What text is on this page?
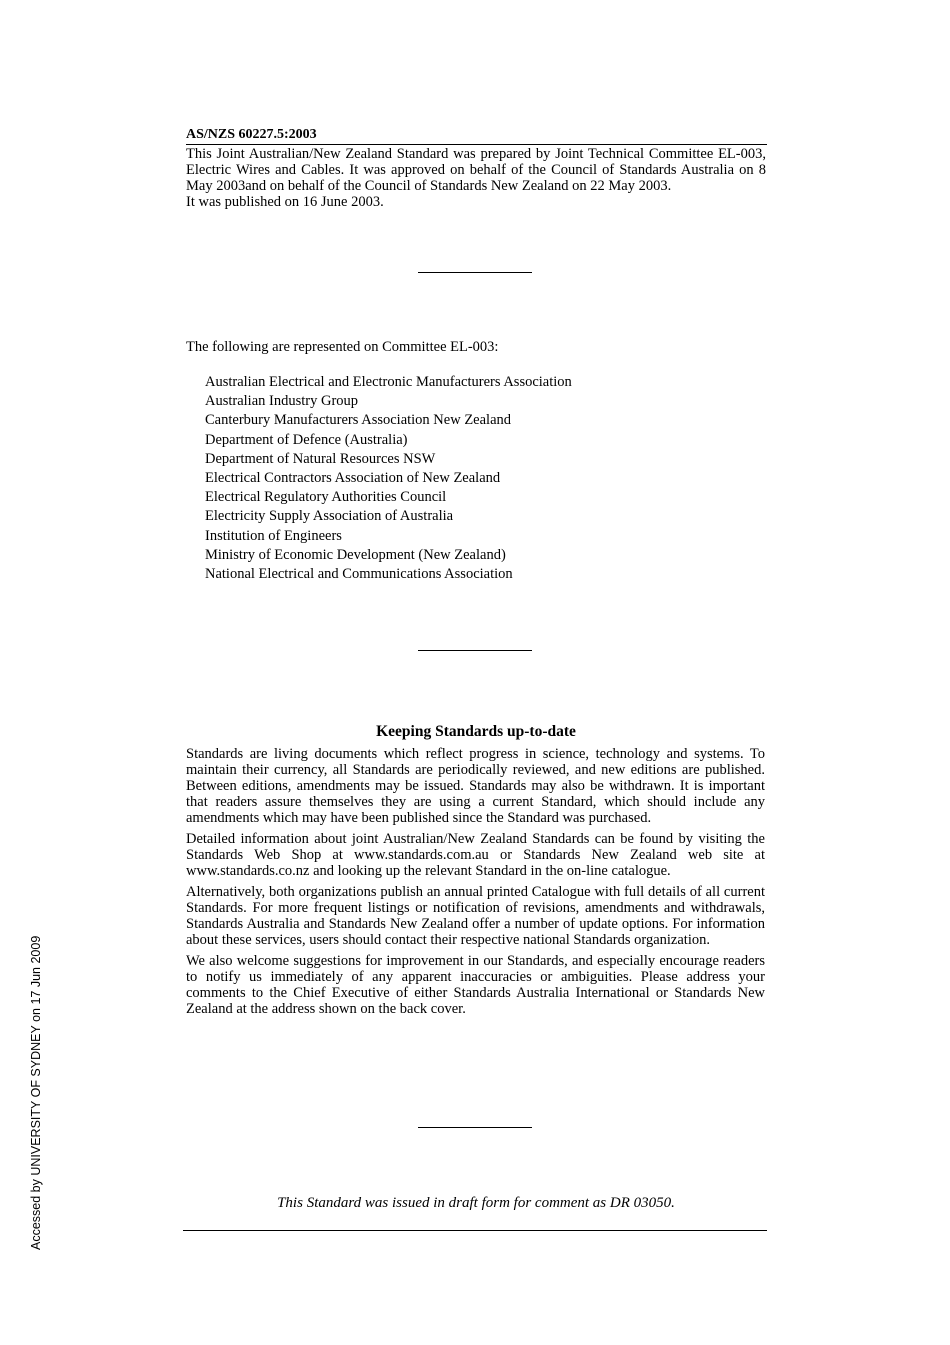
AS/NZS 60227.5:2003

This Joint Australian/New Zealand Standard was prepared by Joint Technical Committee EL-003, Electric Wires and Cables. It was approved on behalf of the Council of Standards Australia on 8 May 2003and on behalf of the Council of Standards New Zealand on 22 May 2003.

It was published on 16 June 2003.

The following are represented on Committee EL-003:

Australian Electrical and Electronic Manufacturers Association
Australian Industry Group
Canterbury Manufacturers Association New Zealand
Department of Defence (Australia)
Department of Natural Resources NSW
Electrical Contractors Association of New Zealand
Electrical Regulatory Authorities Council
Electricity Supply Association of Australia
Institution of Engineers
Ministry of Economic Development (New Zealand)
National Electrical and Communications Association
Keeping Standards up-to-date

Standards are living documents which reflect progress in science, technology and systems. To maintain their currency, all Standards are periodically reviewed, and new editions are published. Between editions, amendments may be issued. Standards may also be withdrawn. It is important that readers assure themselves they are using a current Standard, which should include any amendments which may have been published since the Standard was purchased.

Detailed information about joint Australian/New Zealand Standards can be found by visiting the Standards Web Shop at www.standards.com.au or Standards New Zealand web site at www.standards.co.nz and looking up the relevant Standard in the on-line catalogue.

Alternatively, both organizations publish an annual printed Catalogue with full details of all current Standards. For more frequent listings or notification of revisions, amendments and withdrawals, Standards Australia and Standards New Zealand offer a number of update options. For information about these services, users should contact their respective national Standards organization.

We also welcome suggestions for improvement in our Standards, and especially encourage readers to notify us immediately of any apparent inaccuracies or ambiguities. Please address your comments to the Chief Executive of either Standards Australia International or Standards New Zealand at the address shown on the back cover.

This Standard was issued in draft form for comment as DR 03050.

Accessed by UNIVERSITY OF SYDNEY on 17 Jun 2009
